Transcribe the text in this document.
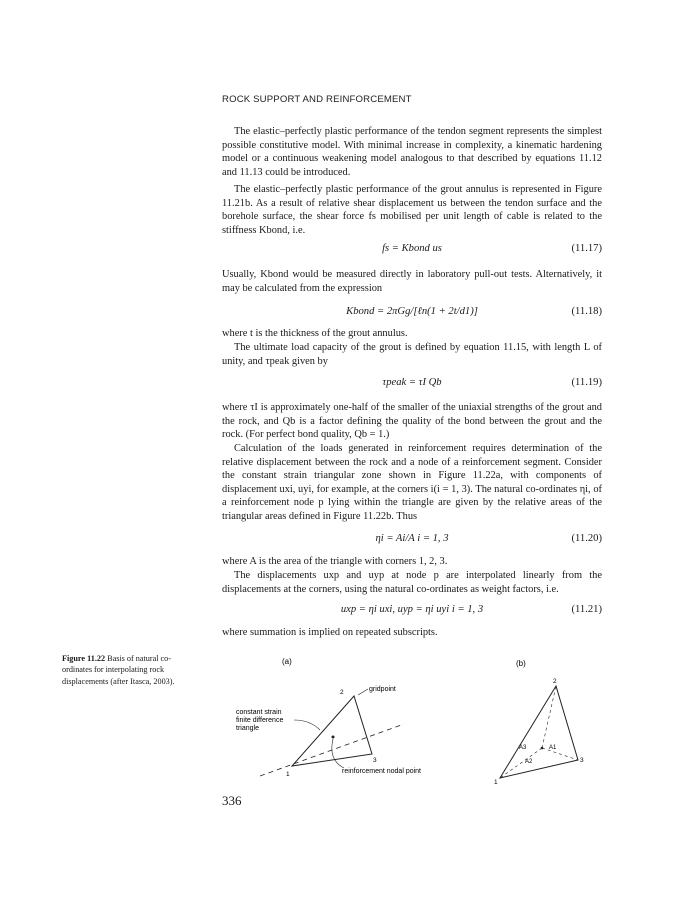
ROCK SUPPORT AND REINFORCEMENT
The elastic–perfectly plastic performance of the tendon segment represents the simplest possible constitutive model. With minimal increase in complexity, a kinematic hardening model or a continuous weakening model analogous to that described by equations 11.12 and 11.13 could be introduced.
The elastic–perfectly plastic performance of the grout annulus is represented in Figure 11.21b. As a result of relative shear displacement us between the tendon surface and the borehole surface, the shear force fs mobilised per unit length of cable is related to the stiffness Kbond, i.e.
fs = Kbond us	(11.17)
Usually, Kbond would be measured directly in laboratory pull-out tests. Alternatively, it may be calculated from the expression
Kbond = 2πGg/[ℓn(1 + 2t/d1)]	(11.18)
where t is the thickness of the grout annulus.
The ultimate load capacity of the grout is defined by equation 11.15, with length L of unity, and τpeak given by
τpeak = τI Qb	(11.19)
where τI is approximately one-half of the smaller of the uniaxial strengths of the grout and the rock, and Qb is a factor defining the quality of the bond between the grout and the rock. (For perfect bond quality, Qb = 1.)
Calculation of the loads generated in reinforcement requires determination of the relative displacement between the rock and a node of a reinforcement segment. Consider the constant strain triangular zone shown in Figure 11.22a, with components of displacement uxi, uyi, for example, at the corners i(i = 1, 3). The natural co-ordinates ηi, of a reinforcement node p lying within the triangle are given by the relative areas of the triangular areas defined in Figure 11.22b. Thus
ηi = Ai/A i = 1, 3	(11.20)
where A is the area of the triangle with corners 1, 2, 3.
The displacements uxp and uyp at node p are interpolated linearly from the displacements at the corners, using the natural co-ordinates as weight factors, i.e.
uxp = ηi uxi, uyp = ηi uyi i = 1, 3	(11.21)
where summation is implied on repeated subscripts.
Figure 11.22 Basis of natural co-ordinates for interpolating rock displacements (after Itasca, 2003).
(a)
2
1
3
gridpoint
constant strain
finite difference
triangle
reinforcement nodal point
(b)
2
1
3
A1
A2
A3
336
